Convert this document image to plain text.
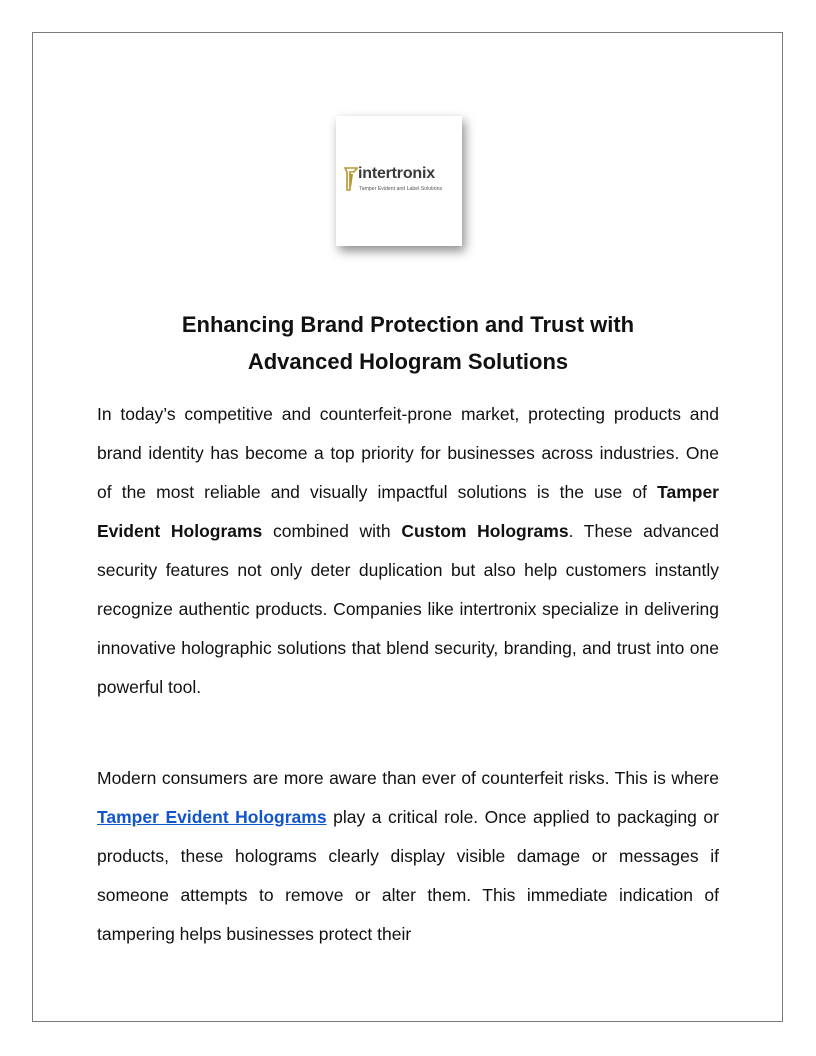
intertronix
Tamper Evident and Label Solutions
Enhancing Brand Protection and Trust with
Advanced Hologram Solutions

In today’s competitive and counterfeit-prone market, protecting products and brand identity has become a top priority for businesses across industries. One of the most reliable and visually impactful solutions is the use of Tamper Evident Holograms combined with Custom Holograms. These advanced security features not only deter duplication but also help customers instantly recognize authentic products. Companies like intertronix specialize in delivering innovative holographic solutions that blend security, branding, and trust into one powerful tool.

Modern consumers are more aware than ever of counterfeit risks. This is where Tamper Evident Holograms play a critical role. Once applied to packaging or products, these holograms clearly display visible damage or messages if someone attempts to remove or alter them. This immediate indication of tampering helps businesses protect their
